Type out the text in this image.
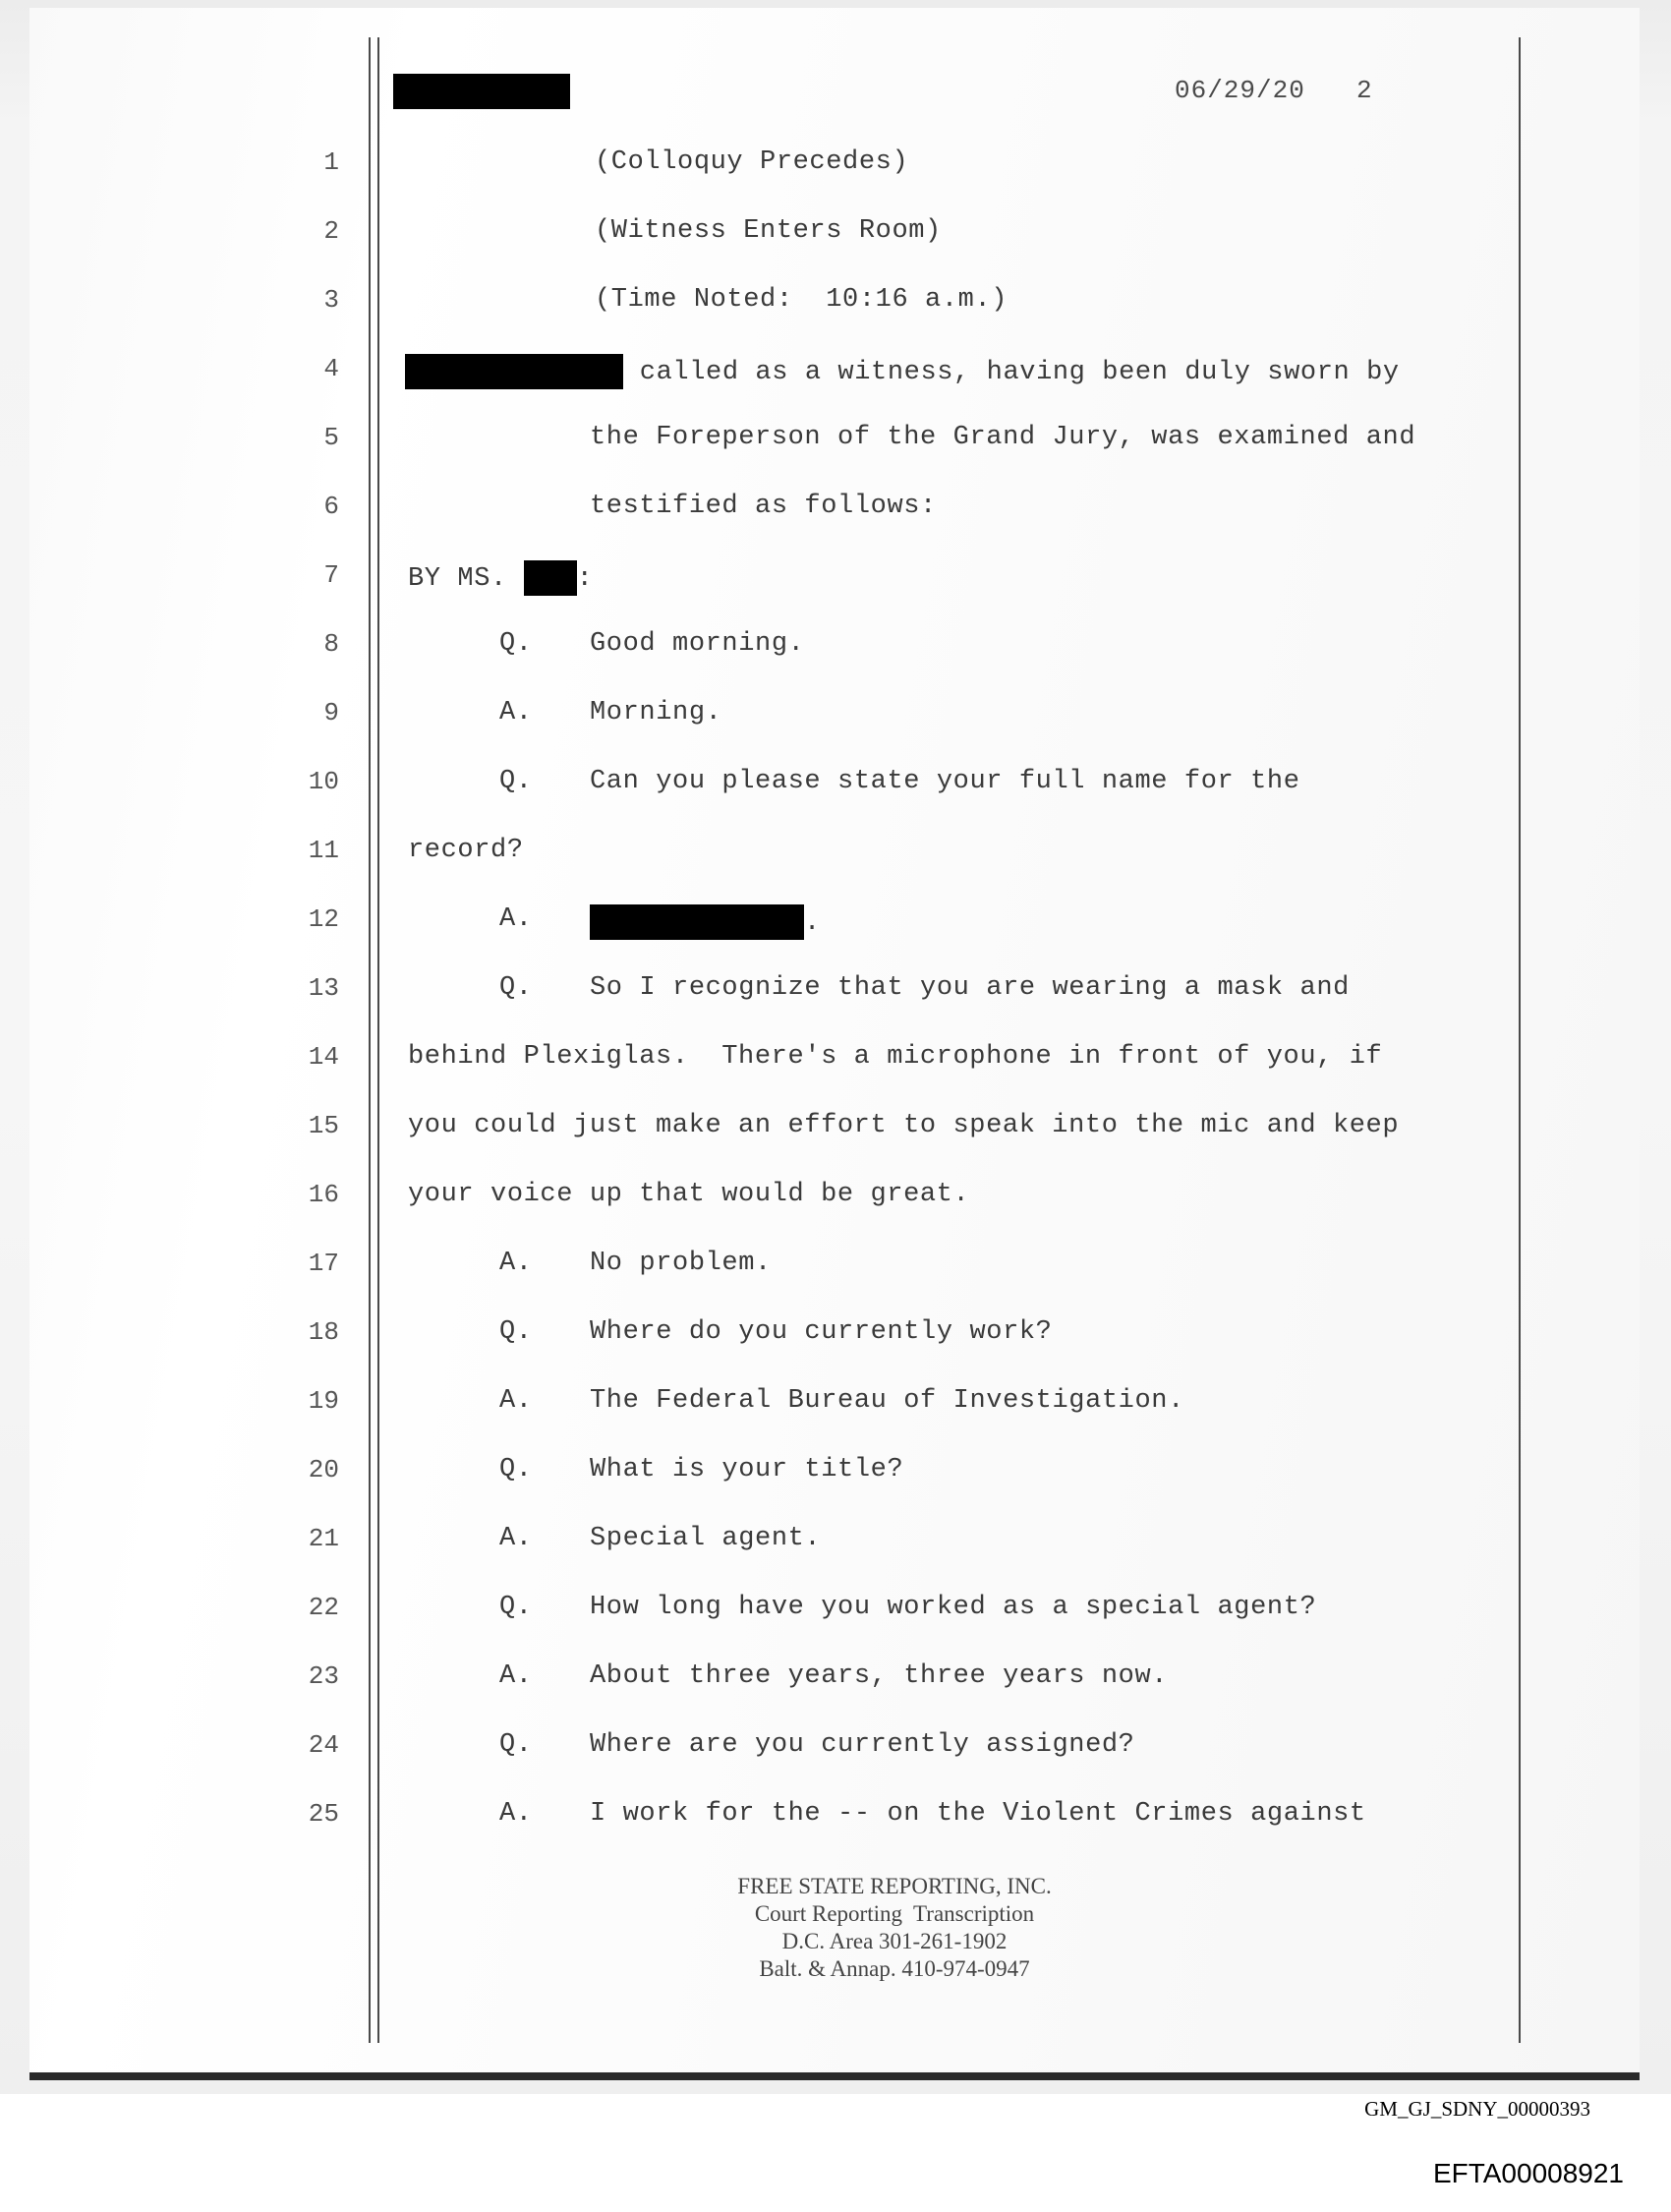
06/29/20 2
1	(Colloquy Precedes)
2	(Witness Enters Room)
3	(Time Noted:  10:16 a.m.)
4	called as a witness, having been duly sworn by
5	the Foreperson of the Grand Jury, was examined and
6	testified as follows:
7	BY MS. :
8	Q. Good morning.
9	A. Morning.
10	Q. Can you please state your full name for the
11	record?
12	A.	.
13	Q. So I recognize that you are wearing a mask and
14	behind Plexiglas.  There's a microphone in front of you, if
15	you could just make an effort to speak into the mic and keep
16	your voice up that would be great.
17	A. No problem.
18	Q. Where do you currently work?
19	A. The Federal Bureau of Investigation.
20	Q. What is your title?
21	A. Special agent.
22	Q. How long have you worked as a special agent?
23	A. About three years, three years now.
24	Q. Where are you currently assigned?
25	A. I work for the -- on the Violent Crimes against
FREE STATE REPORTING, INC.
Court Reporting  Transcription
D.C. Area 301-261-1902
Balt. & Annap. 410-974-0947
GM_GJ_SDNY_00000393
EFTA00008921
